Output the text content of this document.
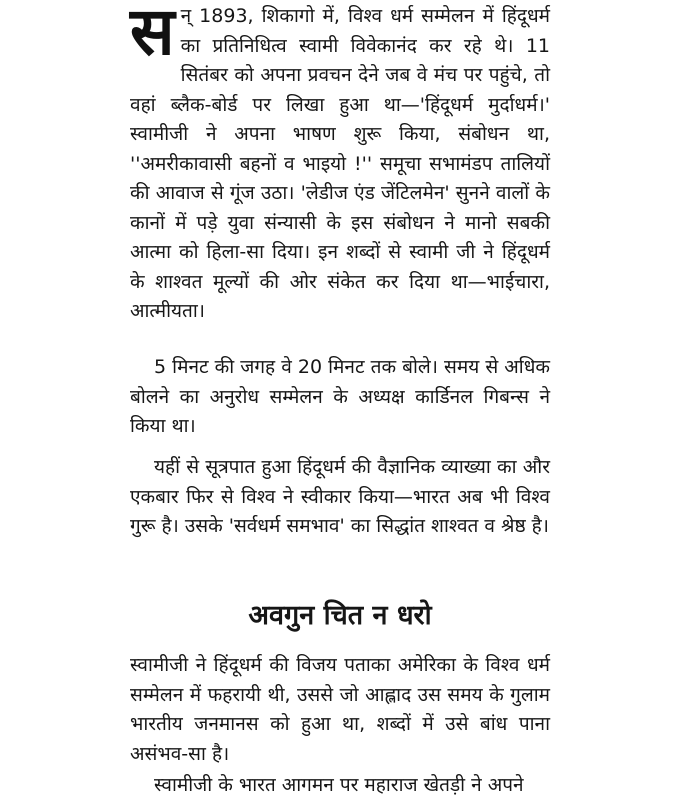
सन् 1893, शिकागो में, विश्व धर्म सम्मेलन में हिंदूधर्म का प्रतिनिधित्व स्वामी विवेकानंद कर रहे थे। 11 सितंबर को अपना प्रवचन देने जब वे मंच पर पहुंचे, तो वहां ब्लैक-बोर्ड पर लिखा हुआ था—'हिंदूधर्म मुर्दाधर्म।' स्वामीजी ने अपना भाषण शुरू किया, संबोधन था, ''अमरीकावासी बहनों व भाइयो !'' समूचा सभामंडप तालियों की आवाज से गूंज उठा। 'लेडीज एंड जेंटिलमेन' सुनने वालों के कानों में पड़े युवा संन्यासी के इस संबोधन ने मानो सबकी आत्मा को हिला-सा दिया। इन शब्दों से स्वामी जी ने हिंदूधर्म के शाश्वत मूल्यों की ओर संकेत कर दिया था—भाईचारा, आत्मीयता।

5 मिनट की जगह वे 20 मिनट तक बोले। समय से अधिक बोलने का अनुरोध सम्मेलन के अध्यक्ष कार्डिनल गिबन्स ने किया था।

यहीं से सूत्रपात हुआ हिंदूधर्म की वैज्ञानिक व्याख्या का और एकबार फिर से विश्व ने स्वीकार किया—भारत अब भी विश्व गुरू है। उसके 'सर्वधर्म समभाव' का सिद्धांत शाश्वत व श्रेष्ठ है।

अवगुन चित न धरो

स्वामीजी ने हिंदूधर्म की विजय पताका अमेरिका के विश्व धर्म सम्मेलन में फहरायी थी, उससे जो आह्लाद उस समय के गुलाम भारतीय जनमानस को हुआ था, शब्दों में उसे बांध पाना असंभव-सा है।

स्वामीजी के भारत आगमन पर महाराज खेतड़ी ने अपने
